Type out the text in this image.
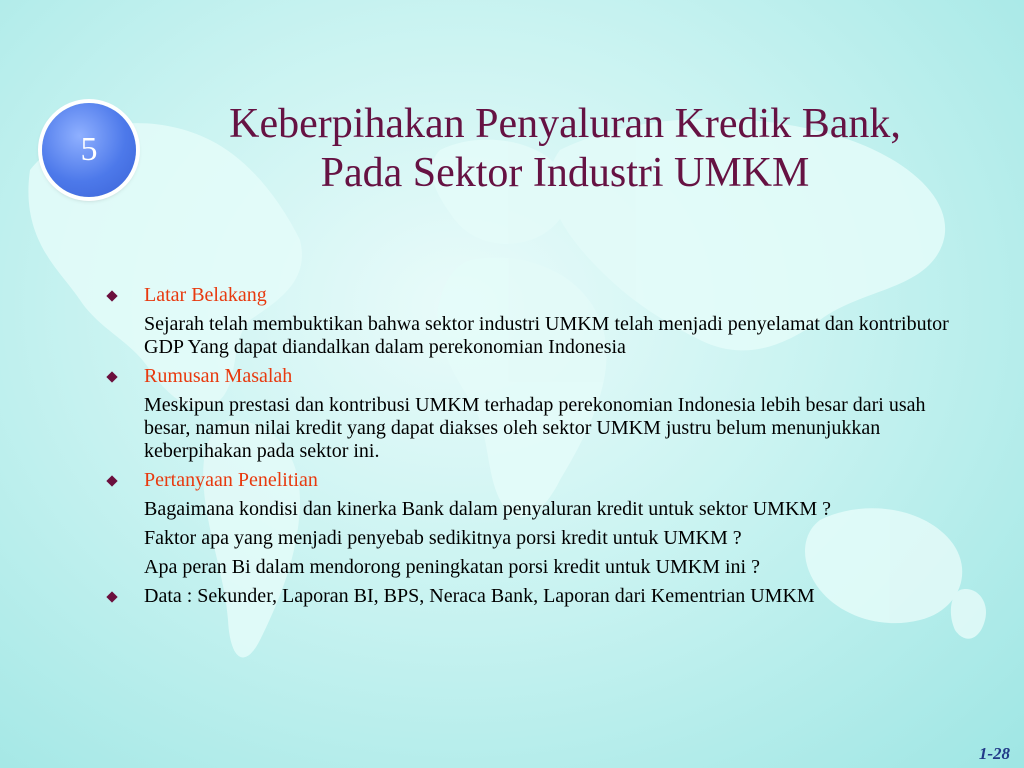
5
Keberpihakan Penyaluran Kredik Bank,
Pada Sektor Industri UMKM
Latar Belakang
Sejarah telah membuktikan bahwa sektor industri UMKM telah menjadi penyelamat dan kontributor GDP Yang dapat diandalkan dalam perekonomian Indonesia
Rumusan Masalah
Meskipun prestasi dan kontribusi UMKM terhadap perekonomian Indonesia lebih besar dari usah besar, namun nilai kredit yang dapat diakses oleh sektor UMKM justru belum menunjukkan keberpihakan pada sektor ini.
Pertanyaan Penelitian
Bagaimana kondisi dan kinerka Bank dalam penyaluran kredit untuk sektor UMKM ?
Faktor apa yang menjadi penyebab sedikitnya porsi kredit untuk UMKM ?
Apa peran Bi dalam mendorong peningkatan porsi kredit untuk UMKM ini ?
Data : Sekunder, Laporan BI, BPS, Neraca Bank, Laporan dari Kementrian UMKM
1-28
